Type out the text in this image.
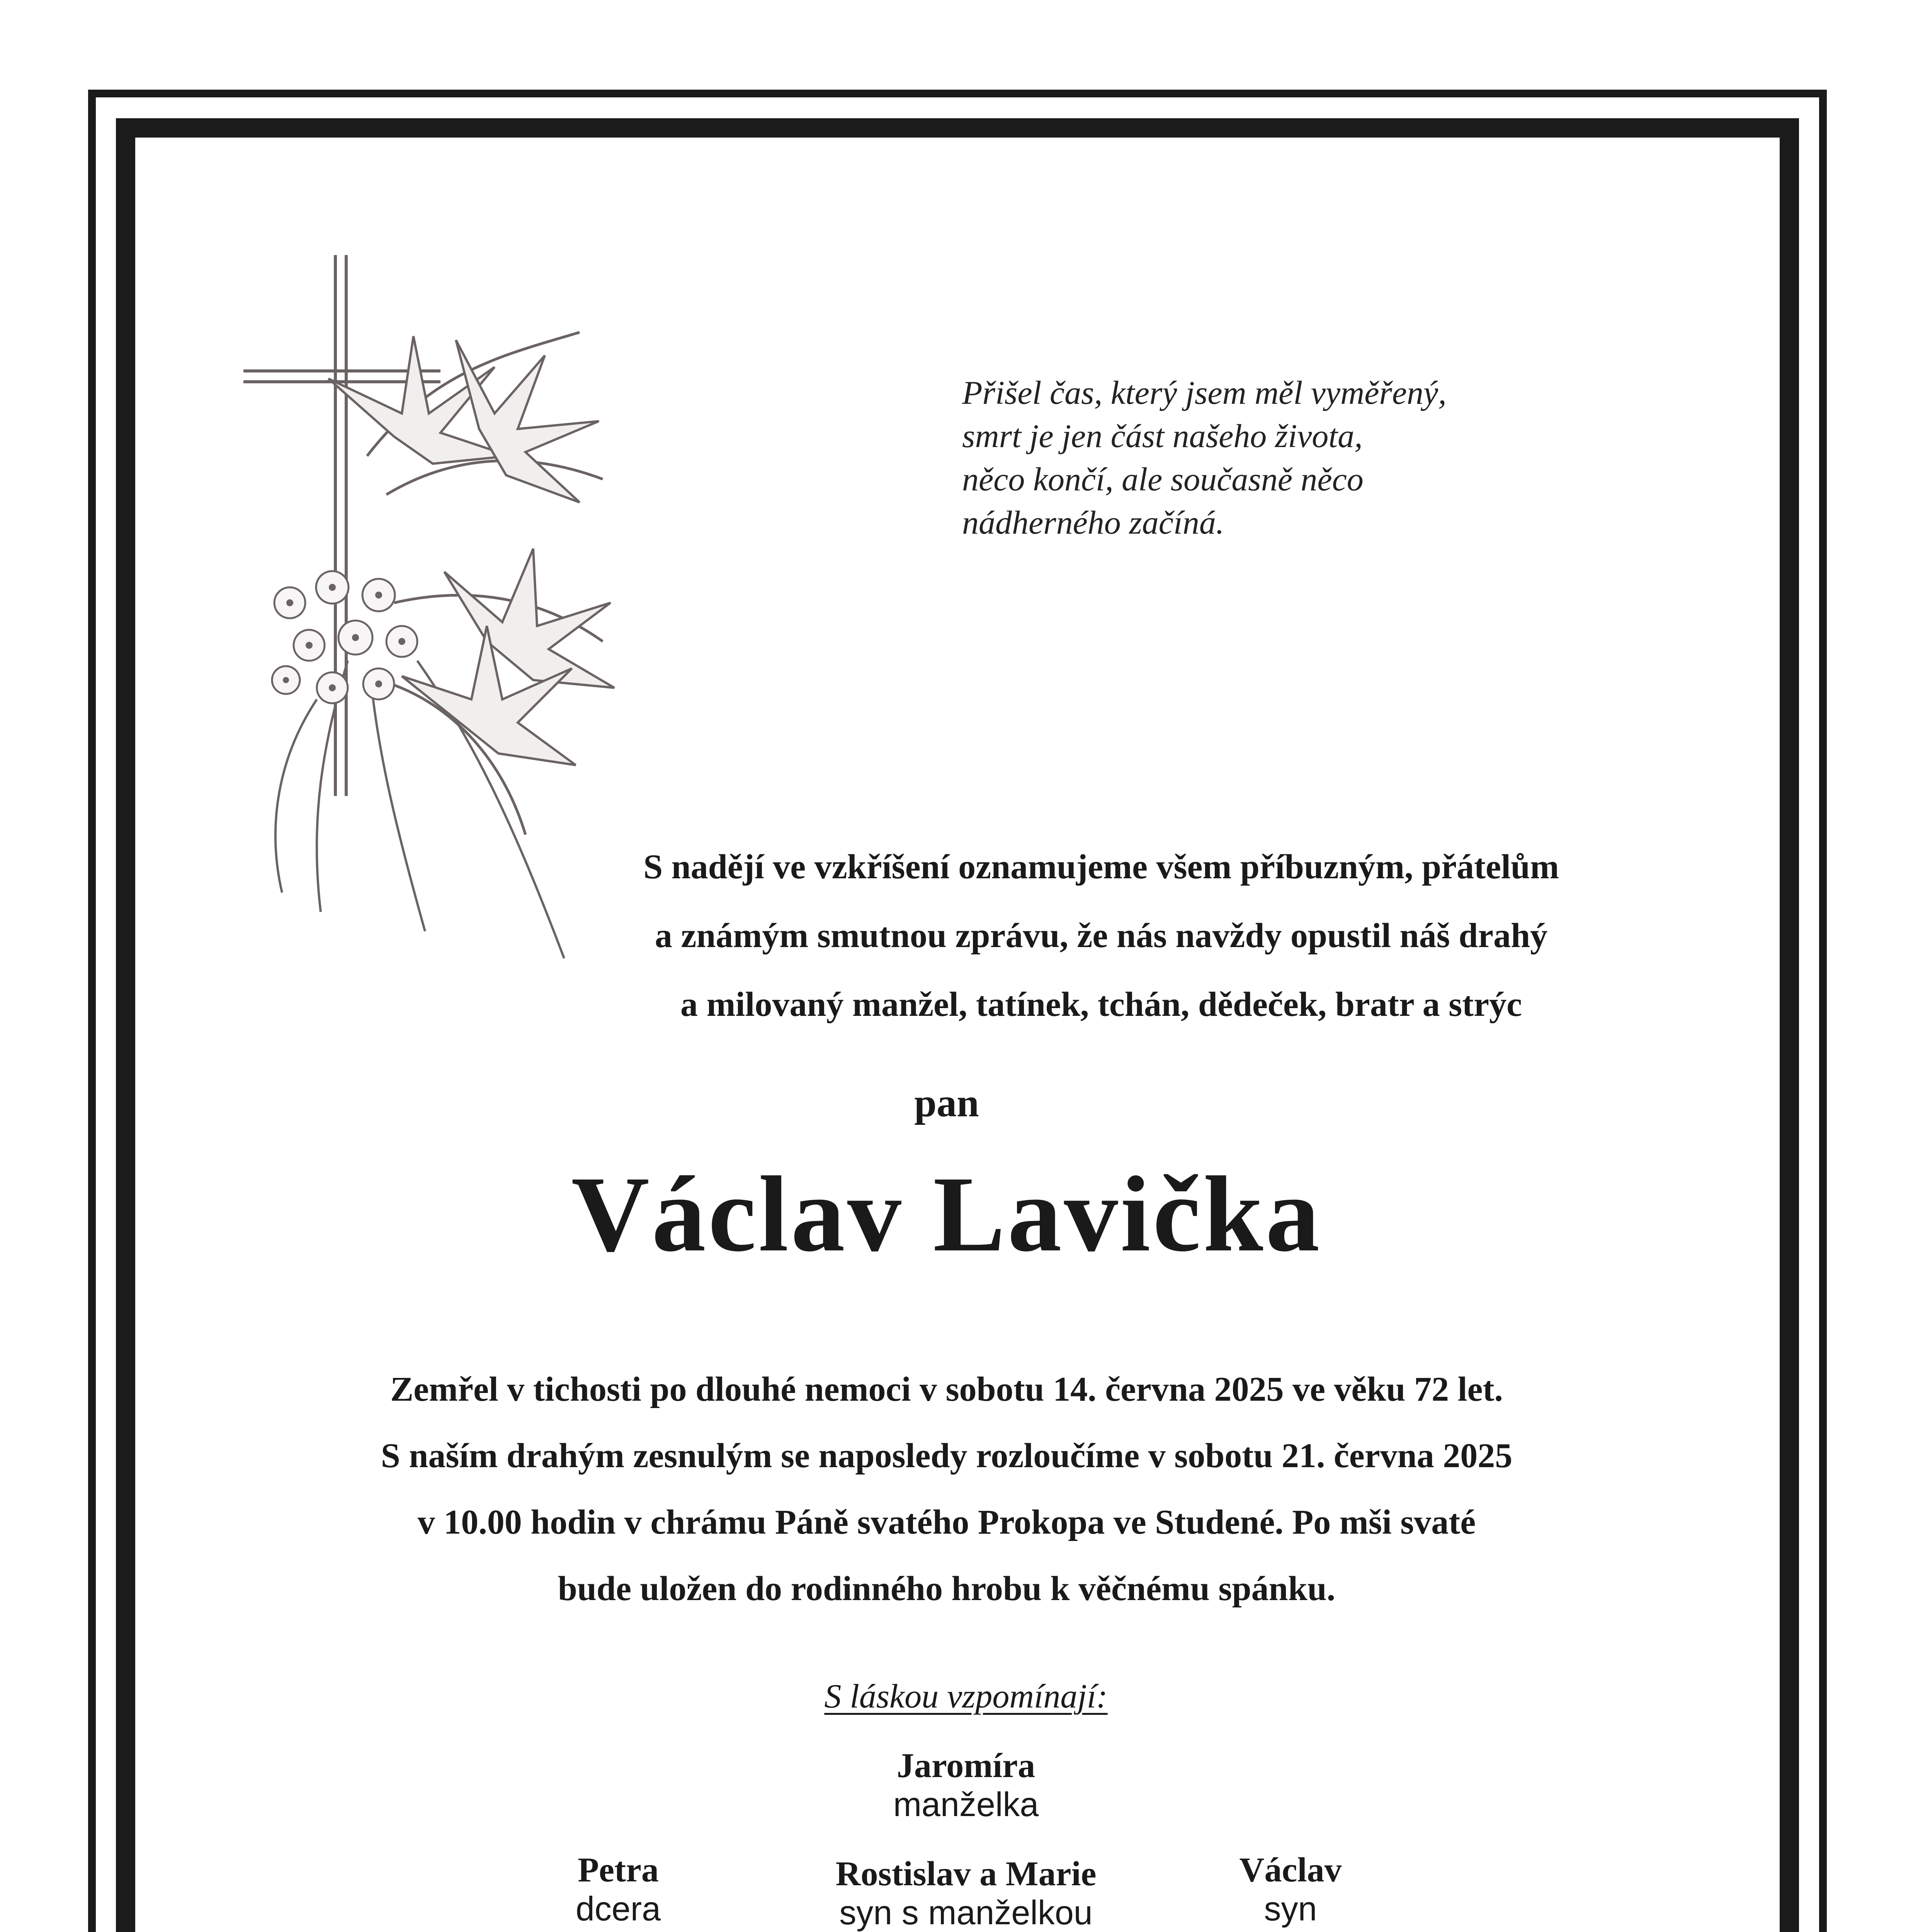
Přišel čas, který jsem měl vyměřený,
smrt je jen část našeho života,
něco končí, ale současně něco
nádherného začíná.
S nadějí ve vzkříšení oznamujeme všem příbuzným, přátelům
a známým smutnou zprávu, že nás navždy opustil náš drahý
a milovaný manžel, tatínek, tchán, dědeček, bratr a strýc
pan
Václav Lavička
Zemřel v tichosti po dlouhé nemoci v sobotu 14. června 2025 ve věku 72 let.
S naším drahým zesnulým se naposledy rozloučíme v sobotu 21. června 2025
v 10.00 hodin v chrámu Páně svatého Prokopa ve Studené. Po mši svaté
bude uložen do rodinného hrobu k věčnému spánku.
S láskou vzpomínají:
Jaromíra
manželka
Petra
dcera
Rostislav a Marie
syn s manželkou
Václav
syn
